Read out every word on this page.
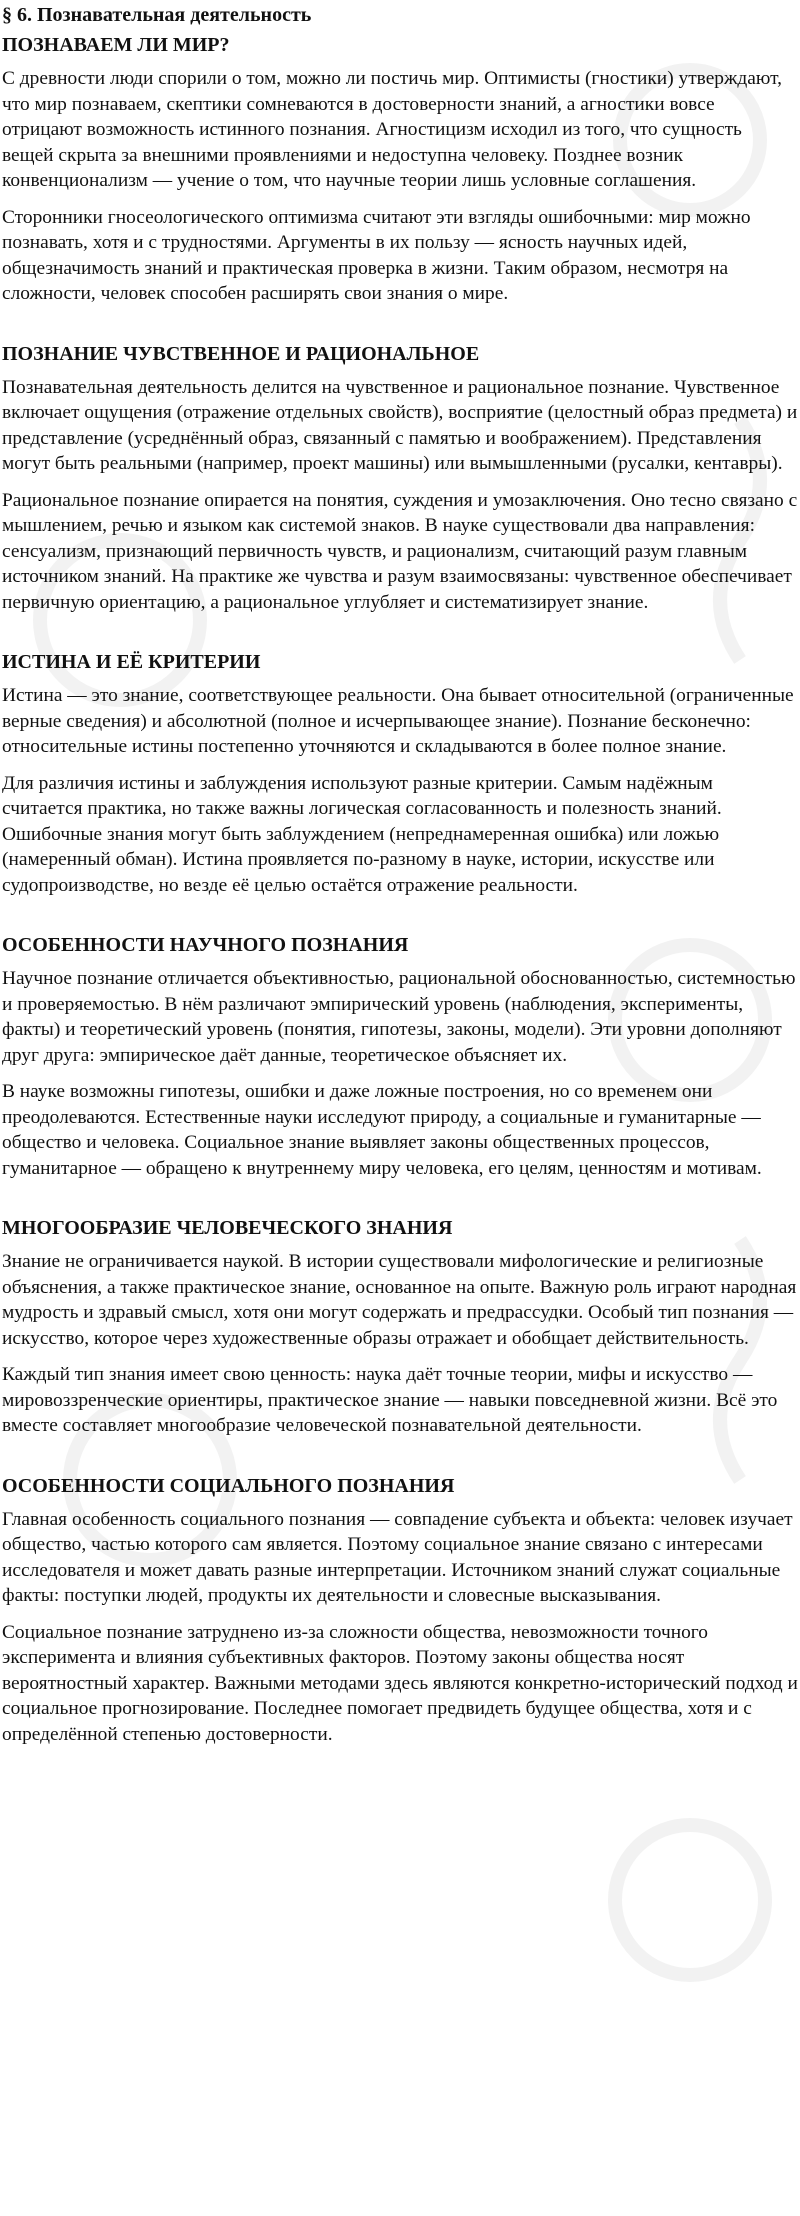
§ 6. Познавательная деятельность
ПОЗНАВАЕМ ЛИ МИР?

С древности люди спорили о том, можно ли постичь мир. Оптимисты (гностики) утверждают, что мир познаваем, скептики сомневаются в достоверности знаний, а агностики вовсе отрицают возможность истинного познания. Агностицизм исходил из того, что сущность вещей скрыта за внешними проявлениями и недоступна человеку. Позднее возник конвенционализм — учение о том, что научные теории лишь условные соглашения.

Сторонники гносеологического оптимизма считают эти взгляды ошибочными: мир можно познавать, хотя и с трудностями. Аргументы в их пользу — ясность научных идей, общезначимость знаний и практическая проверка в жизни. Таким образом, несмотря на сложности, человек способен расширять свои знания о мире.

ПОЗНАНИЕ ЧУВСТВЕННОЕ И РАЦИОНАЛЬНОЕ

Познавательная деятельность делится на чувственное и рациональное познание. Чувственное включает ощущения (отражение отдельных свойств), восприятие (целостный образ предмета) и представление (усреднённый образ, связанный с памятью и воображением). Представления могут быть реальными (например, проект машины) или вымышленными (русалки, кентавры).

Рациональное познание опирается на понятия, суждения и умозаключения. Оно тесно связано с мышлением, речью и языком как системой знаков. В науке существовали два направления: сенсуализм, признающий первичность чувств, и рационализм, считающий разум главным источником знаний. На практике же чувства и разум взаимосвязаны: чувственное обеспечивает первичную ориентацию, а рациональное углубляет и систематизирует знание.

ИСТИНА И ЕЁ КРИТЕРИИ

Истина — это знание, соответствующее реальности. Она бывает относительной (ограниченные верные сведения) и абсолютной (полное и исчерпывающее знание). Познание бесконечно: относительные истины постепенно уточняются и складываются в более полное знание.

Для различия истины и заблуждения используют разные критерии. Самым надёжным считается практика, но также важны логическая согласованность и полезность знаний. Ошибочные знания могут быть заблуждением (непреднамеренная ошибка) или ложью (намеренный обман). Истина проявляется по-разному в науке, истории, искусстве или судопроизводстве, но везде её целью остаётся отражение реальности.

ОСОБЕННОСТИ НАУЧНОГО ПОЗНАНИЯ

Научное познание отличается объективностью, рациональной обоснованностью, системностью и проверяемостью. В нём различают эмпирический уровень (наблюдения, эксперименты, факты) и теоретический уровень (понятия, гипотезы, законы, модели). Эти уровни дополняют друг друга: эмпирическое даёт данные, теоретическое объясняет их.

В науке возможны гипотезы, ошибки и даже ложные построения, но со временем они преодолеваются. Естественные науки исследуют природу, а социальные и гуманитарные — общество и человека. Социальное знание выявляет законы общественных процессов, гуманитарное — обращено к внутреннему миру человека, его целям, ценностям и мотивам.

МНОГООБРАЗИЕ ЧЕЛОВЕЧЕСКОГО ЗНАНИЯ

Знание не ограничивается наукой. В истории существовали мифологические и религиозные объяснения, а также практическое знание, основанное на опыте. Важную роль играют народная мудрость и здравый смысл, хотя они могут содержать и предрассудки. Особый тип познания — искусство, которое через художественные образы отражает и обобщает действительность.

Каждый тип знания имеет свою ценность: наука даёт точные теории, мифы и искусство — мировоззренческие ориентиры, практическое знание — навыки повседневной жизни. Всё это вместе составляет многообразие человеческой познавательной деятельности.

ОСОБЕННОСТИ СОЦИАЛЬНОГО ПОЗНАНИЯ

Главная особенность социального познания — совпадение субъекта и объекта: человек изучает общество, частью которого сам является. Поэтому социальное знание связано с интересами исследователя и может давать разные интерпретации. Источником знаний служат социальные факты: поступки людей, продукты их деятельности и словесные высказывания.

Социальное познание затруднено из-за сложности общества, невозможности точного эксперимента и влияния субъективных факторов. Поэтому законы общества носят вероятностный характер. Важными методами здесь являются конкретно-исторический подход и социальное прогнозирование. Последнее помогает предвидеть будущее общества, хотя и с определённой степенью достоверности.
